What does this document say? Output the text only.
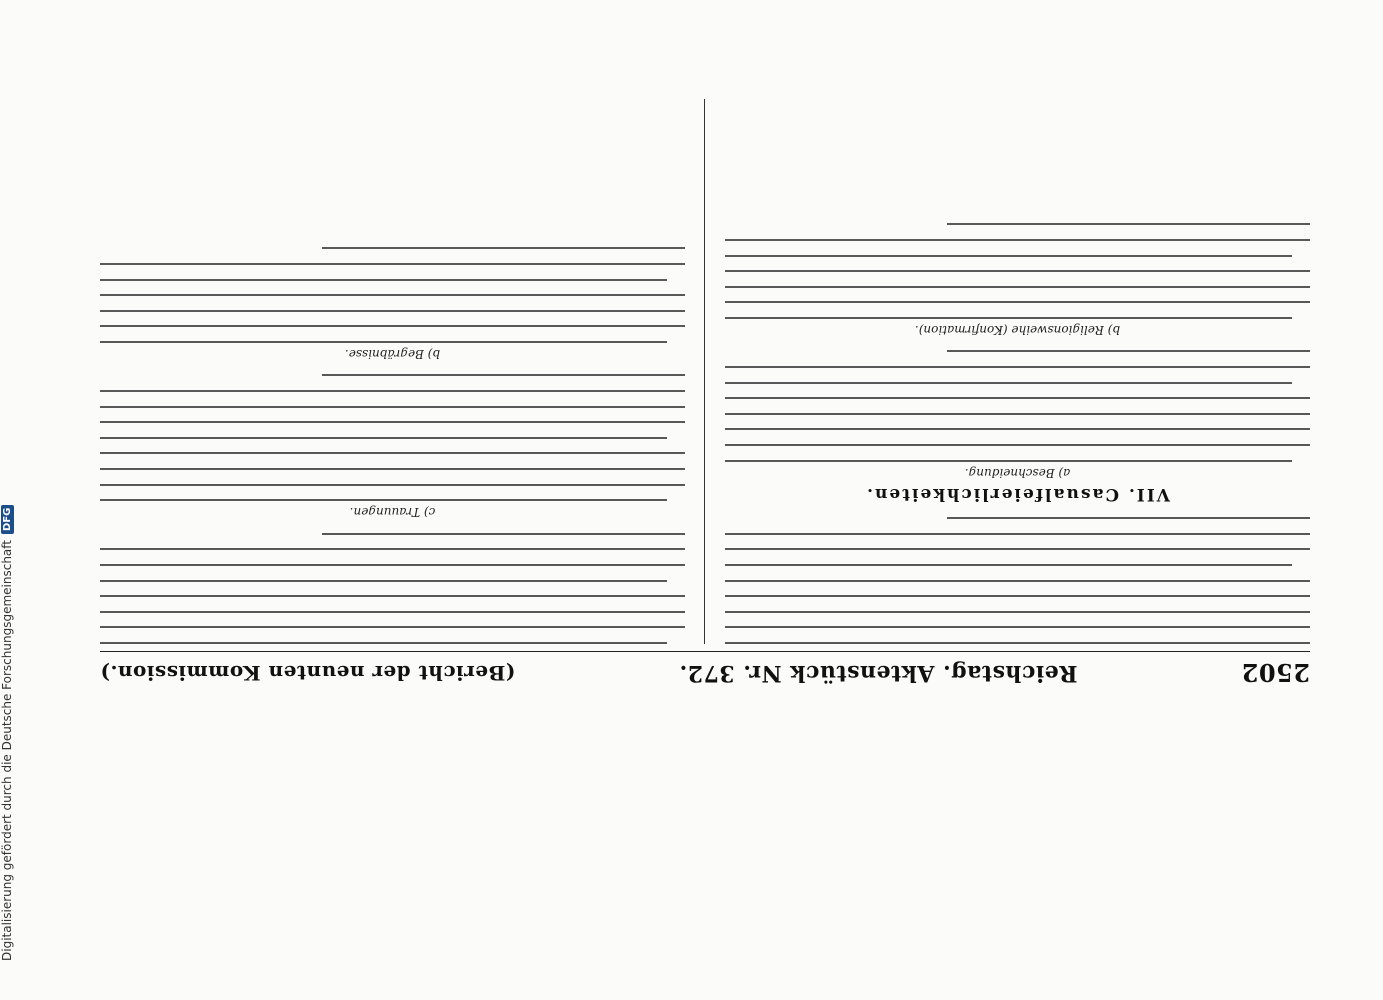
2502
Reichstag. Aktenstück Nr. 372.
(Bericht der neunten Kommission.)
VII. Casualfeierlichkeiten.
a) Beschneidung.
b) Religionsweihe (Konfirmation).
c) Trauungen.
b) Begräbnisse.
Digitalisierung gefördert durch die Deutsche Forschungsgemeinschaft
DFG
